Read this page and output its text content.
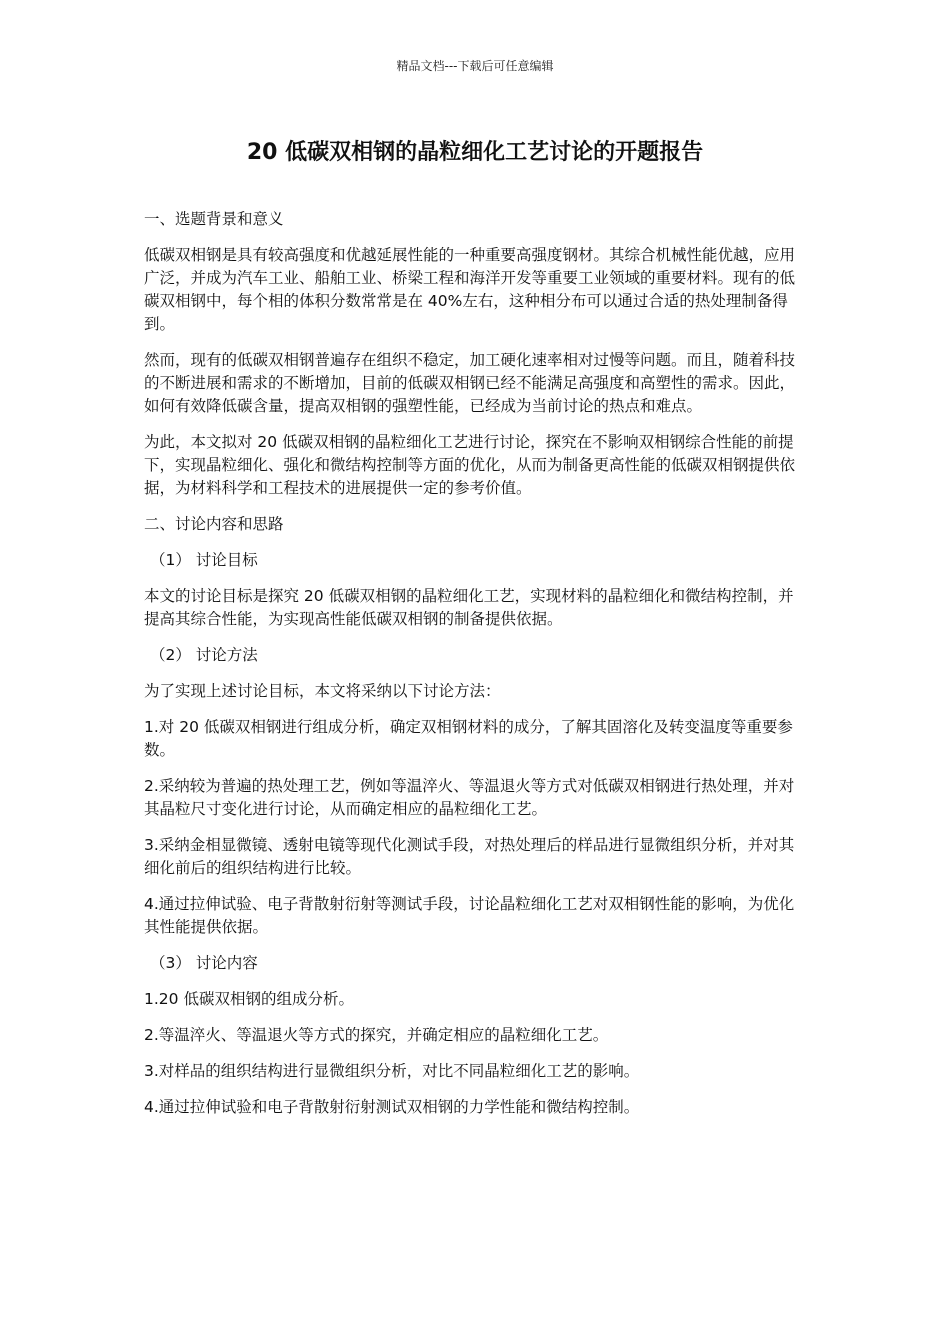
精品文档---下载后可任意编辑
20 低碳双相钢的晶粒细化工艺讨论的开题报告

一、选题背景和意义

低碳双相钢是具有较高强度和优越延展性能的一种重要高强度钢材。其综合机械性能优越，应用广泛，并成为汽车工业、船舶工业、桥梁工程和海洋开发等重要工业领域的重要材料。现有的低碳双相钢中，每个相的体积分数常常是在 40%左右，这种相分布可以通过合适的热处理制备得到。

然而，现有的低碳双相钢普遍存在组织不稳定，加工硬化速率相对过慢等问题。而且，随着科技的不断进展和需求的不断增加，目前的低碳双相钢已经不能满足高强度和高塑性的需求。因此，如何有效降低碳含量，提高双相钢的强塑性能，已经成为当前讨论的热点和难点。

为此，本文拟对 20 低碳双相钢的晶粒细化工艺进行讨论，探究在不影响双相钢综合性能的前提下，实现晶粒细化、强化和微结构控制等方面的优化，从而为制备更高性能的低碳双相钢提供依据，为材料科学和工程技术的进展提供一定的参考价值。

二、讨论内容和思路

（1） 讨论目标

本文的讨论目标是探究 20 低碳双相钢的晶粒细化工艺，实现材料的晶粒细化和微结构控制，并提高其综合性能，为实现高性能低碳双相钢的制备提供依据。

（2） 讨论方法

为了实现上述讨论目标，本文将采纳以下讨论方法：

1.对 20 低碳双相钢进行组成分析，确定双相钢材料的成分，了解其固溶化及转变温度等重要参数。

2.采纳较为普遍的热处理工艺，例如等温淬火、等温退火等方式对低碳双相钢进行热处理，并对其晶粒尺寸变化进行讨论，从而确定相应的晶粒细化工艺。

3.采纳金相显微镜、透射电镜等现代化测试手段，对热处理后的样品进行显微组织分析，并对其细化前后的组织结构进行比较。

4.通过拉伸试验、电子背散射衍射等测试手段，讨论晶粒细化工艺对双相钢性能的影响，为优化其性能提供依据。

（3） 讨论内容

1.20 低碳双相钢的组成分析。

2.等温淬火、等温退火等方式的探究，并确定相应的晶粒细化工艺。

3.对样品的组织结构进行显微组织分析，对比不同晶粒细化工艺的影响。

4.通过拉伸试验和电子背散射衍射测试双相钢的力学性能和微结构控制。
